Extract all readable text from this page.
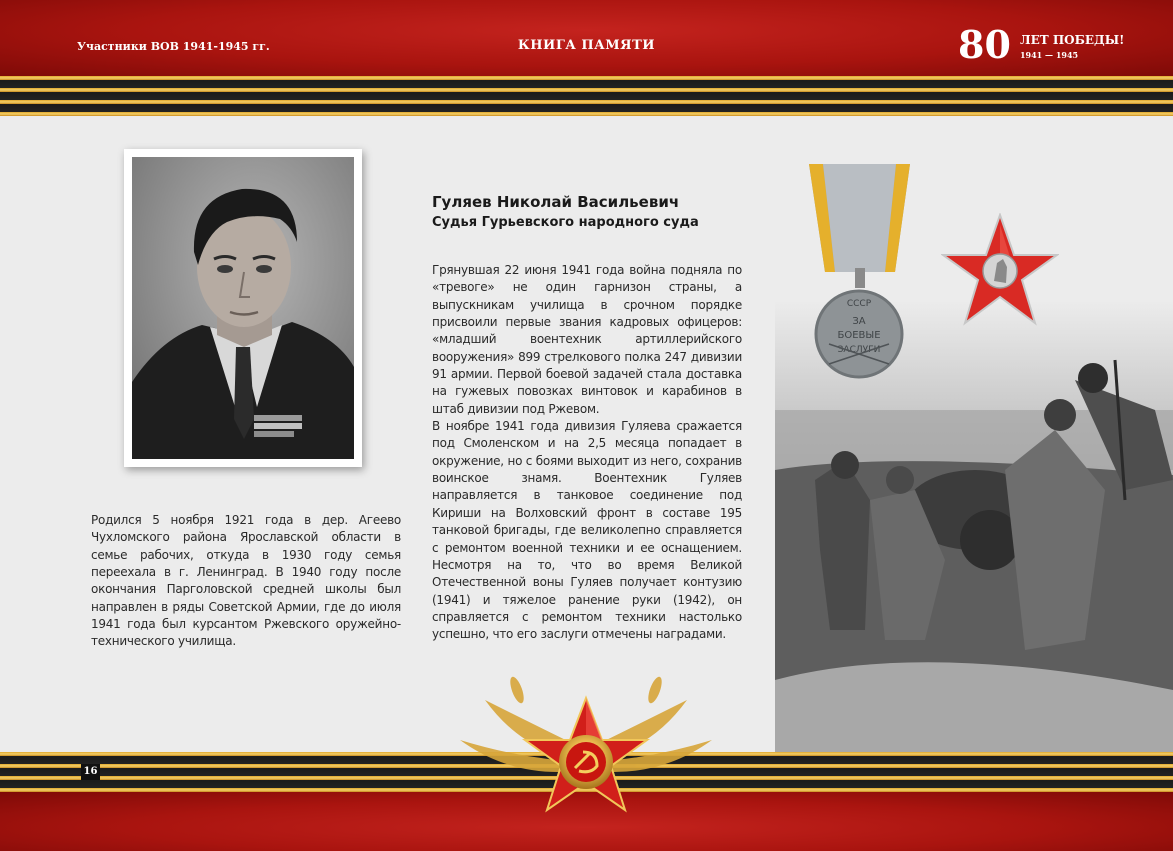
Участники ВОВ 1941-1945 гг.	КНИГА ПАМЯТИ	80 ЛЕТ ПОБЕДЫ!
1941 — 1945
Гуляев Николай Васильевич
Судья Гурьевского народного суда

Грянувшая 22 июня 1941 года война подняла по «тревоге» не один гарнизон страны, а выпускникам училища в срочном порядке присвоили первые звания кадровых офицеров: «младший воентехник артиллерийского вооружения» 899 стрелкового полка 247 дивизии 91 армии. Первой боевой задачей стала доставка на гужевых повозках винтовок и карабинов в штаб дивизии под Ржевом.

В ноябре 1941 года дивизия Гуляева сражается под Смоленском и на 2,5 месяца попадает в окружение, но с боями выходит из него, сохранив воинское знамя. Воентехник Гуляев направляется в танковое соединение под Кириши на Волховский фронт в составе 195 танковой бригады, где великолепно справляется с ремонтом военной техники и ее оснащением. Несмотря на то, что во время Великой Отечественной воны Гуляев получает контузию (1941) и тяжелое ранение руки (1942), он справляется с ремонтом техники настолько успешно, что его заслуги отмечены наградами.

Родился 5 ноября 1921 года в дер. Агеево Чухломского района Ярославской области в семье рабочих, откуда в 1930 году семья переехала в г. Ленинград. В 1940 году после окончания Парголовской средней школы был направлен в ряды Советской Армии, где до июля 1941 года был курсантом Ржевского оружейно-технического училища.
СССР
ЗА
БОЕВЫЕ
ЗАСЛУГИ
16
